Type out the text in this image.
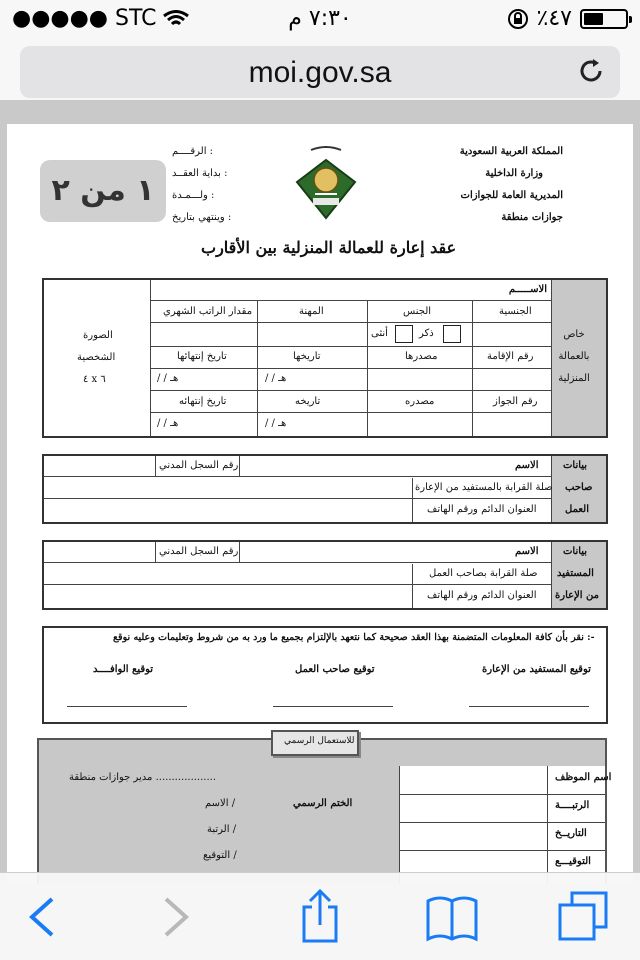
●●●●● STC	٧:٣٠ م	٪٤٧
moi.gov.sa
المملكة العربية السعودية
وزارة الداخلية
المديرية العامة للجوازات
جوازات منطقة
الرقــــم :
بداية العقــد :
ولـــمـدة :
وينتهي بتاريخ :
عقد إعارة للعمالة المنزلية بين الأقارب
خاص بالعمالة المنزلية
الصورة
الشخصية
٤ x ٦
الاســـــم
الجنسية
الجنس
المهنة
مقدار الراتب الشهري
ذكر
أنثى
رقم الإقامة
مصدرها
تاريخها
تاريخ إنتهائها
/ / هـ
/ / هـ
رقم الجواز
مصدره
تاريخه
تاريخ إنتهائه
/ / هـ
/ / هـ
بيانات
صاحب
العمل
الاسم
رقم السجل المدني
صلة القرابة بالمستفيد من الإعارة
العنوان الدائم ورقم الهاتف
بيانات
المستفيد
من الإعارة
الاسم
رقم السجل المدني
صلة القرابة بصاحب العمل
العنوان الدائم ورقم الهاتف
نقر بأن كافة المعلومات المتضمنة بهذا العقد صحيحة كما نتعهد بالإلتزام بجميع ما ورد به من شروط وتعليمات وعليه نوقع :-
توقيع المستفيد من الإعارة
توقيع صاحب العمل
توقيع الوافــــد
للاستعمال الرسمي
اسم الموظف
الرتبــــة
التاريــخ
التوقيـــع
الختم الرسمي
مدير جوازات منطقة ...................
الاسم /
الرتبة /
التوقيع /
١ من ٢
